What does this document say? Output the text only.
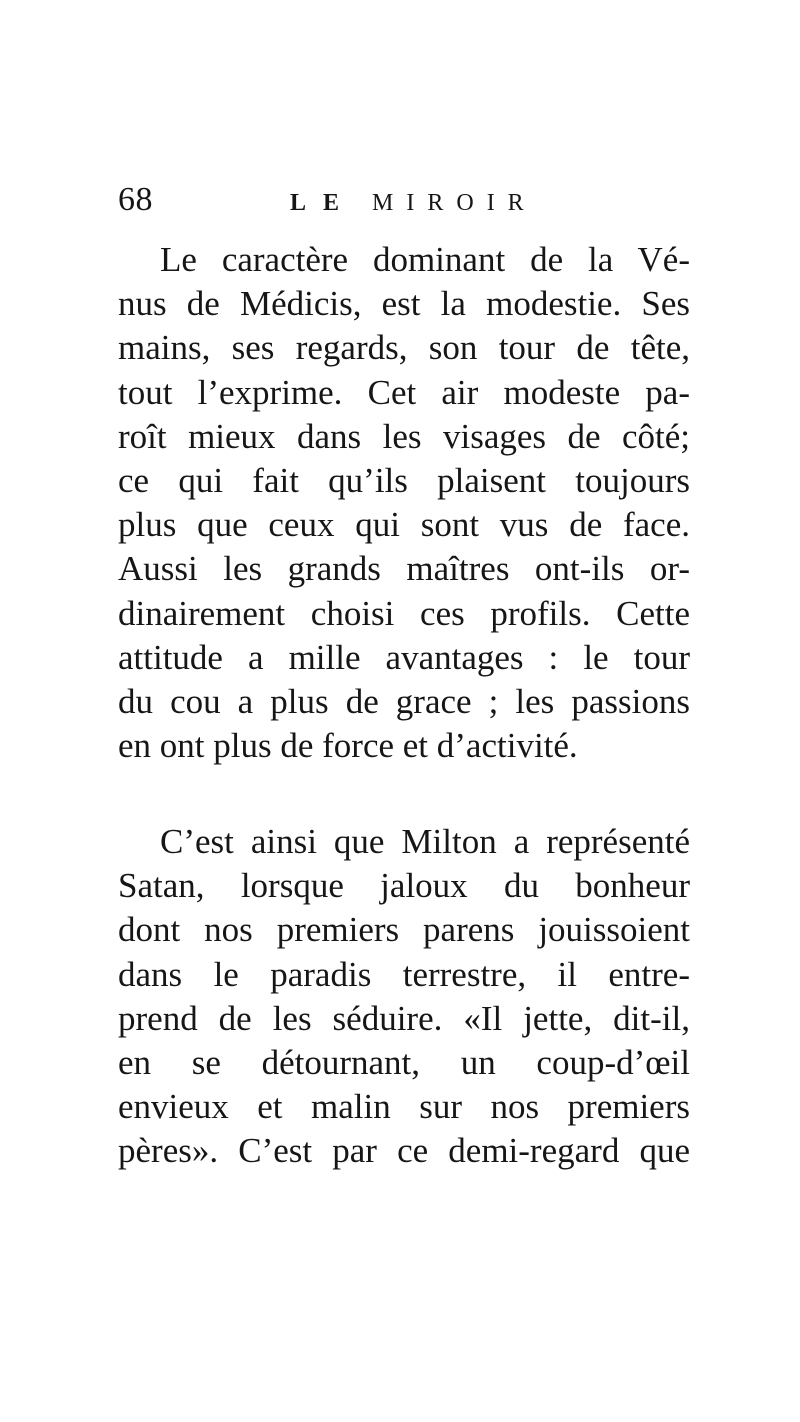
68	LE MIROIR
Le caractère dominant de la Vé-
nus de Médicis, est la modestie. Ses
mains, ses regards, son tour de tête,
tout l’exprime. Cet air modeste pa-
roît mieux dans les visages de côté;
ce qui fait qu’ils plaisent toujours
plus que ceux qui sont vus de face.
Aussi les grands maîtres ont-ils or-
dinairement choisi ces profils. Cette
attitude a mille avantages : le tour
du cou a plus de grace ; les passions
en ont plus de force et d’activité.
C’est ainsi que Milton a représenté
Satan, lorsque jaloux du bonheur
dont nos premiers parens jouissoient
dans le paradis terrestre, il entre-
prend de les séduire. «Il jette, dit-il,
en se détournant, un coup-d’œil
envieux et malin sur nos premiers
pères». C’est par ce demi-regard que
